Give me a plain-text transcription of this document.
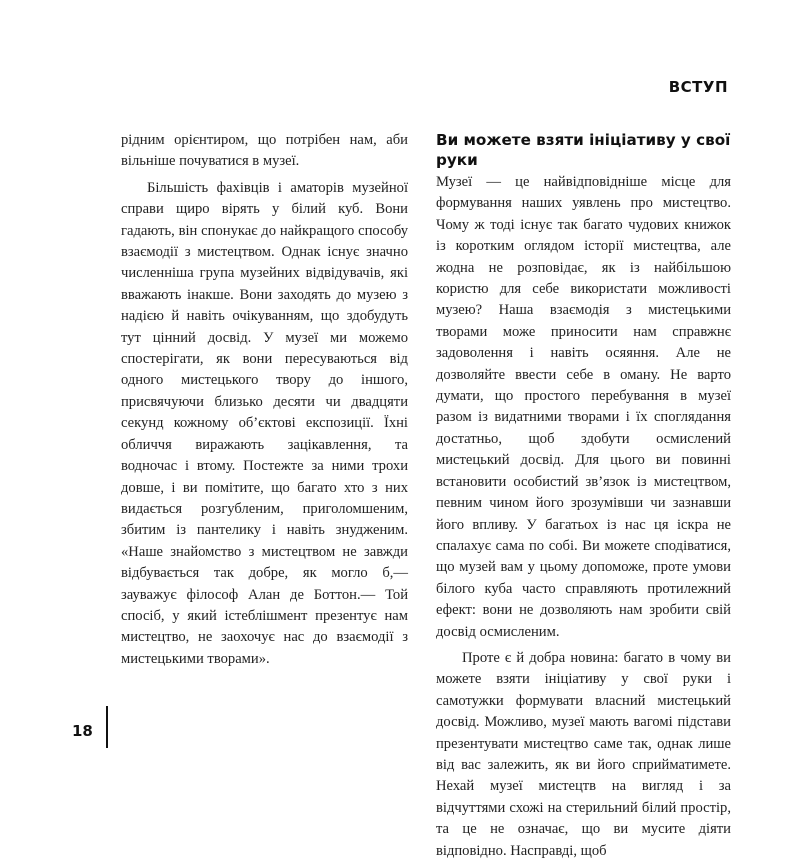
ВСТУП

рідним орієнтиром, що потрібен нам, аби вільніше почуватися в музеї.

Більшість фахівців і аматорів музейної справи щиро вірять у білий куб. Вони гадають, він спонукає до найкращого способу взаємодії з мистецтвом. Однак існує значно численніша група музейних відвідувачів, які вважають інакше. Вони заходять до музею з надією й навіть очікуванням, що здобудуть тут цінний досвід. У музеї ми можемо спостерігати, як вони пересуваються від одного мистецького твору до іншого, присвячуючи близько десяти чи двадцяти секунд кожному об’єктові експозиції. Їхні обличчя виражають зацікавлення, та водночас і втому. Постежте за ними трохи довше, і ви помітите, що багато хто з них видається розгубленим, приголомшеним, збитим із пантелику і навіть знудженим. «Наше знайомство з мистецтвом не завжди відбувається так добре, як могло б,— зауважує філософ Алан де Боттон.— Той спосіб, у який істеблішмент презентує нам мистецтво, не заохочує нас до взаємодії з мистецькими творами».

Ви можете взяти ініціативу у свої руки

Музеї — це найвідповідніше місце для формування наших уявлень про мистецтво. Чому ж тоді існує так багато чудових книжок із коротким оглядом історії мистецтва, але жодна не розповідає, як із найбільшою користю для себе використати можливості музею? Наша взаємодія з мистецькими творами може приносити нам справжнє задоволення і навіть осяяння. Але не дозволяйте ввести себе в оману. Не варто думати, що простого перебування в музеї разом із видатними творами і їх споглядання достатньо, щоб здобути осмислений мистецький досвід. Для цього ви повинні встановити особистий зв’язок із мистецтвом, певним чином його зрозумівши чи зазнавши його впливу. У багатьох із нас ця іскра не спалахує сама по собі. Ви можете сподіватися, що музей вам у цьому допоможе, проте умови білого куба часто справляють протилежний ефект: вони не дозволяють нам зробити свій досвід осмисленим.

Проте є й добра новина: багато в чому ви можете взяти ініціативу у свої руки і самотужки формувати власний мистецький досвід. Можливо, музеї мають вагомі підстави презентувати мистецтво саме так, однак лише від вас залежить, як ви його сприйматимете. Нехай музеї мистецтв на вигляд і за відчуттями схожі на стерильний білий простір, та це не означає, що ви мусите діяти відповідно. Насправді, щоб

18
